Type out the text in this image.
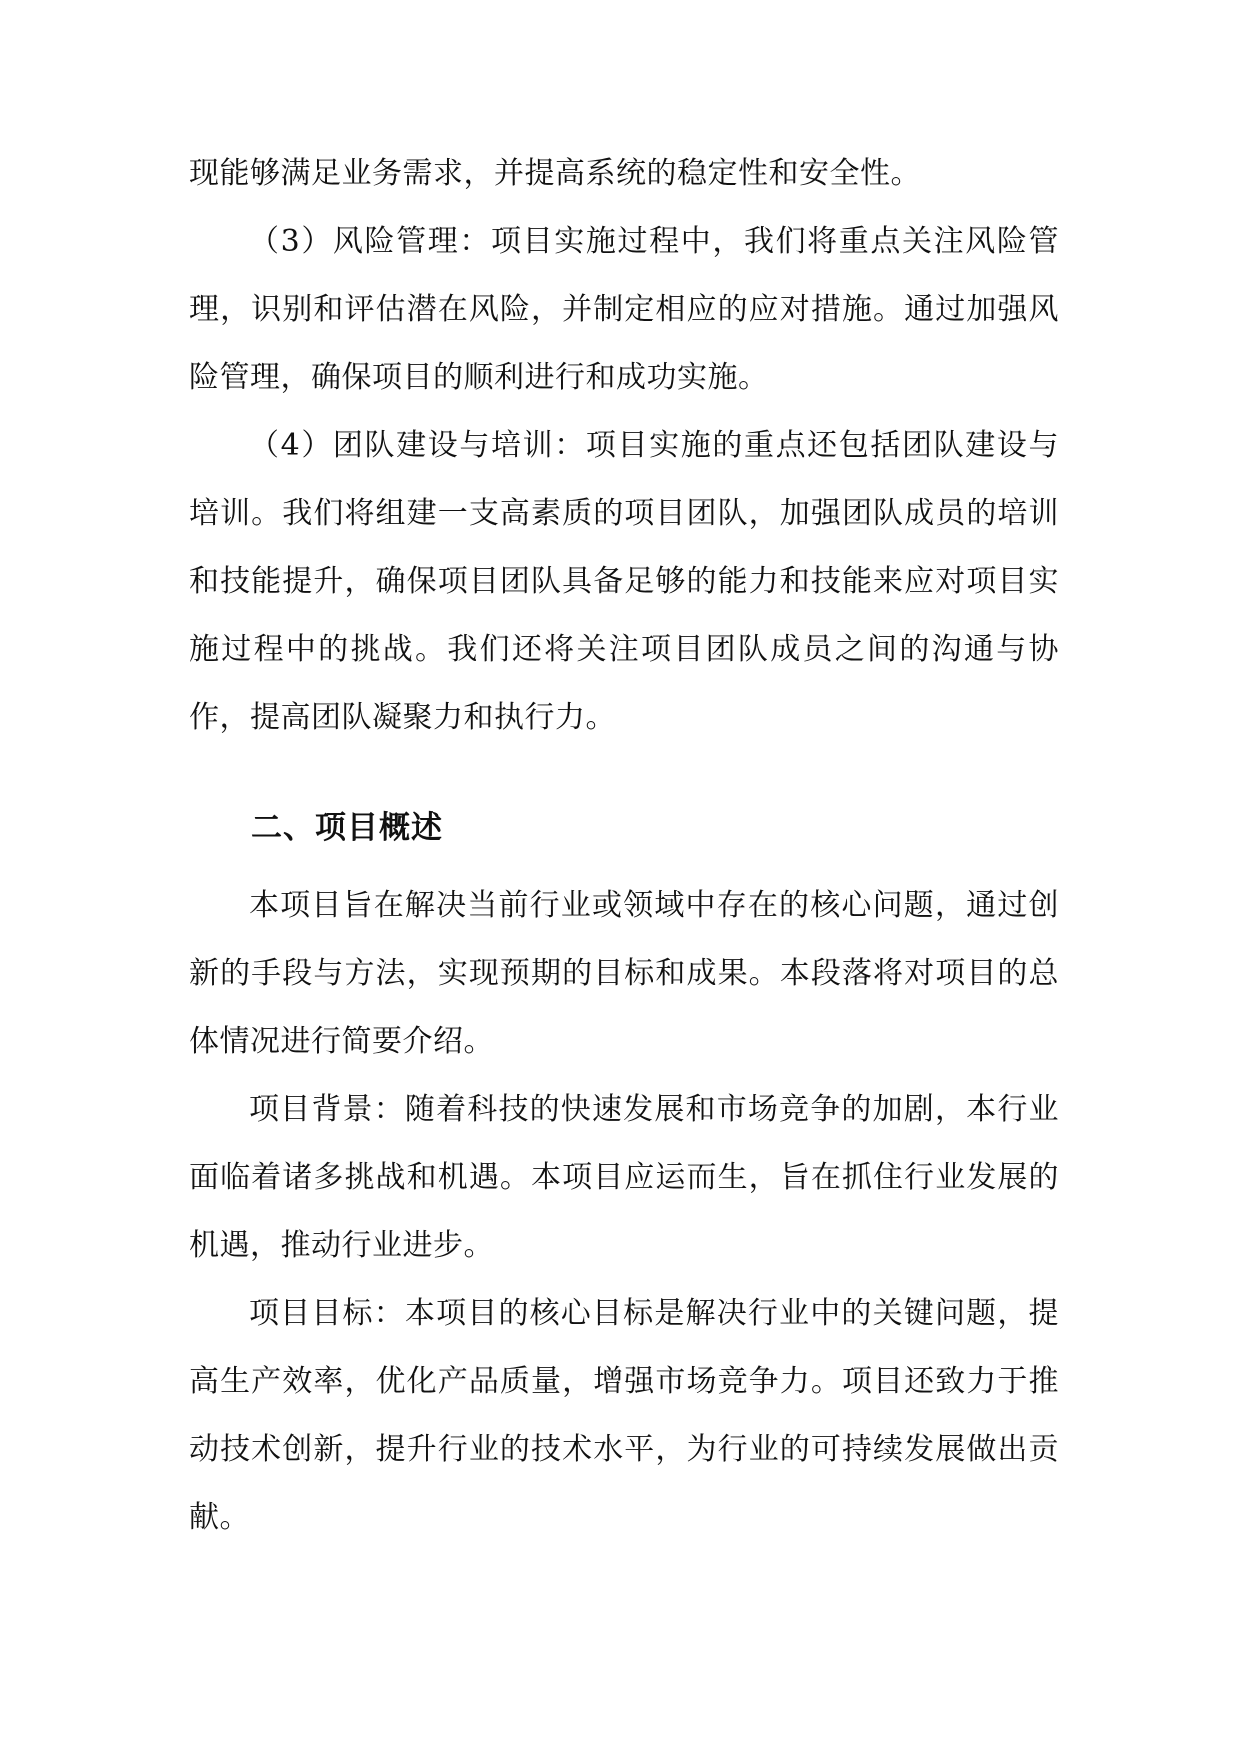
现能够满足业务需求，并提高系统的稳定性和安全性。

（3）风险管理：项目实施过程中，我们将重点关注风险管理，识别和评估潜在风险，并制定相应的应对措施。通过加强风险管理，确保项目的顺利进行和成功实施。

（4）团队建设与培训：项目实施的重点还包括团队建设与培训。我们将组建一支高素质的项目团队，加强团队成员的培训和技能提升，确保项目团队具备足够的能力和技能来应对项目实施过程中的挑战。我们还将关注项目团队成员之间的沟通与协作，提高团队凝聚力和执行力。

二、项目概述

本项目旨在解决当前行业或领域中存在的核心问题，通过创新的手段与方法，实现预期的目标和成果。本段落将对项目的总体情况进行简要介绍。

项目背景：随着科技的快速发展和市场竞争的加剧，本行业面临着诸多挑战和机遇。本项目应运而生，旨在抓住行业发展的机遇，推动行业进步。

项目目标：本项目的核心目标是解决行业中的关键问题，提高生产效率，优化产品质量，增强市场竞争力。项目还致力于推动技术创新，提升行业的技术水平，为行业的可持续发展做出贡献。
